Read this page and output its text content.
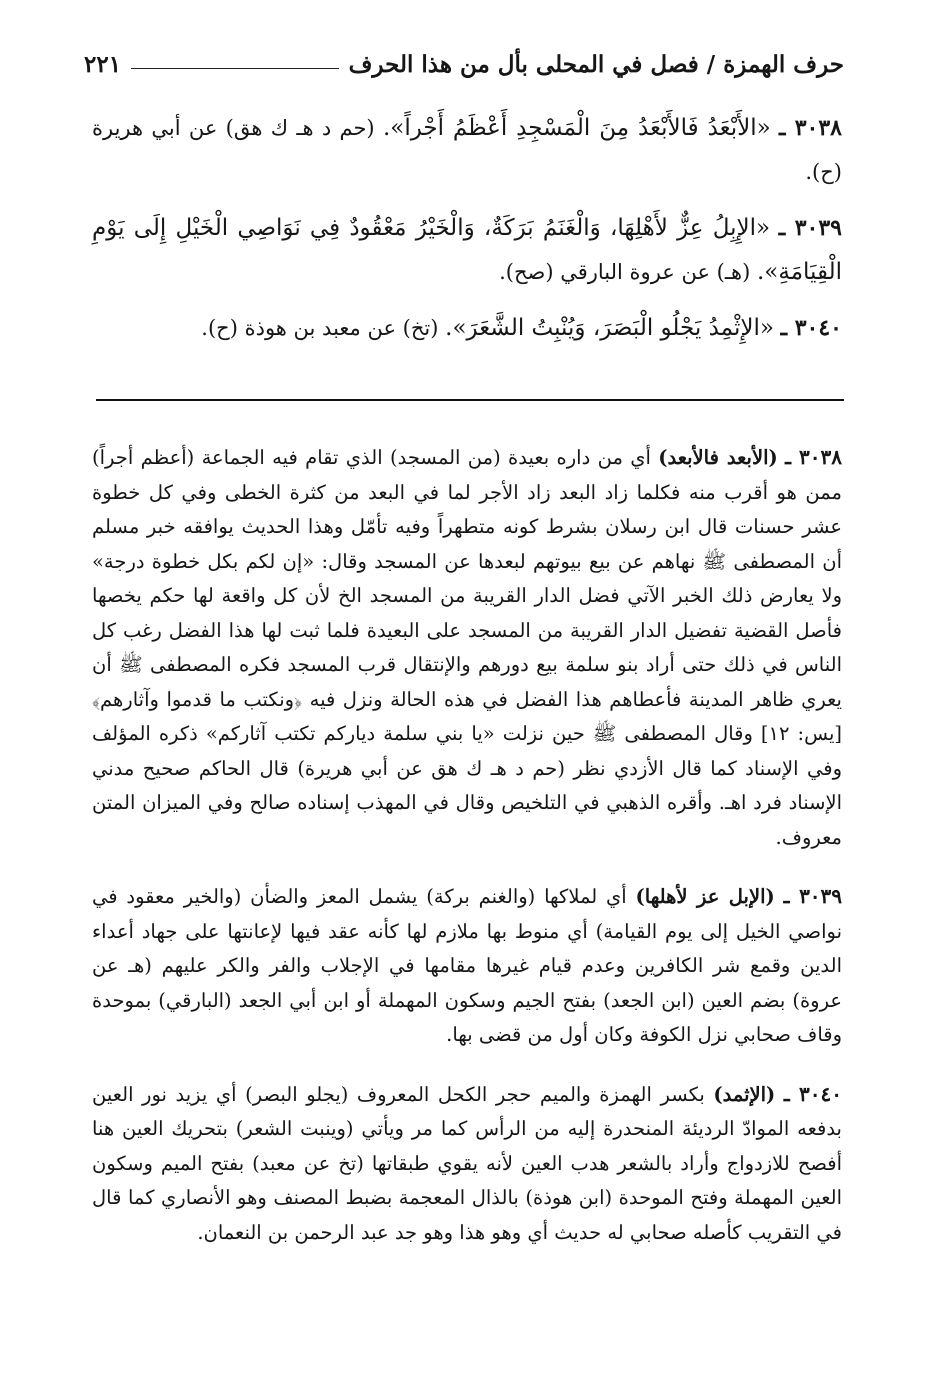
حرف الهمزة / فصل في المحلى بأل من هذا الحرف
٢٢١

٣٠٣٨ ـ «الأَبْعَدُ فَالأَبْعَدُ مِنَ الْمَسْجِدِ أَعْظَمُ أَجْراً». (حم د هـ ك هق) عن أبي هريرة (ح).

٣٠٣٩ ـ «الإِبِلُ عِزٌّ لأَهْلِهَا، وَالْغَنَمُ بَرَكَةٌ، وَالْخَيْرُ مَعْقُودٌ فِي نَوَاصِي الْخَيْلِ إِلَى يَوْمِ الْقِيَامَةِ». (هـ) عن عروة البارقي (صح).

٣٠٤٠ ـ «الإِثْمِدُ يَجْلُو الْبَصَرَ، وَيُنْبِتُ الشَّعَرَ». (تخ) عن معبد بن هوذة (ح).

٣٠٣٨ ـ (الأبعد فالأبعد) أي من داره بعيدة (من المسجد) الذي تقام فيه الجماعة (أعظم أجراً) ممن هو أقرب منه فكلما زاد البعد زاد الأجر لما في البعد من كثرة الخطى وفي كل خطوة عشر حسنات قال ابن رسلان بشرط كونه متطهراً وفيه تأمّل وهذا الحديث يوافقه خبر مسلم أن المصطفى ﷺ نهاهم عن بيع بيوتهم لبعدها عن المسجد وقال: «إن لكم بكل خطوة درجة» ولا يعارض ذلك الخبر الآتي فضل الدار القريبة من المسجد الخ لأن كل واقعة لها حكم يخصها فأصل القضية تفضيل الدار القريبة من المسجد على البعيدة فلما ثبت لها هذا الفضل رغب كل الناس في ذلك حتى أراد بنو سلمة بيع دورهم والإنتقال قرب المسجد فكره المصطفى ﷺ أن يعري ظاهر المدينة فأعطاهم هذا الفضل في هذه الحالة ونزل فيه ﴿ونكتب ما قدموا وآثارهم﴾ [يس: ١٢] وقال المصطفى ﷺ حين نزلت «يا بني سلمة دياركم تكتب آثاركم» ذكره المؤلف وفي الإسناد كما قال الأزدي نظر (حم د هـ ك هق عن أبي هريرة) قال الحاكم صحيح مدني الإسناد فرد اهـ. وأقره الذهبي في التلخيص وقال في المهذب إسناده صالح وفي الميزان المتن معروف.

٣٠٣٩ ـ (الإبل عز لأهلها) أي لملاكها (والغنم بركة) يشمل المعز والضأن (والخير معقود في نواصي الخيل إلى يوم القيامة) أي منوط بها ملازم لها كأنه عقد فيها لإعانتها على جهاد أعداء الدين وقمع شر الكافرين وعدم قيام غيرها مقامها في الإجلاب والفر والكر عليهم (هـ عن عروة) بضم العين (ابن الجعد) بفتح الجيم وسكون المهملة أو ابن أبي الجعد (البارقي) بموحدة وقاف صحابي نزل الكوفة وكان أول من قضى بها.

٣٠٤٠ ـ (الإثمد) بكسر الهمزة والميم حجر الكحل المعروف (يجلو البصر) أي يزيد نور العين بدفعه الموادّ الرديئة المنحدرة إليه من الرأس كما مر ويأتي (وينبت الشعر) بتحريك العين هنا أفصح للازدواج وأراد بالشعر هدب العين لأنه يقوي طبقاتها (تخ عن معبد) بفتح الميم وسكون العين المهملة وفتح الموحدة (ابن هوذة) بالذال المعجمة بضبط المصنف وهو الأنصاري كما قال في التقريب كأصله صحابي له حديث أي وهو هذا وهو جد عبد الرحمن بن النعمان.
